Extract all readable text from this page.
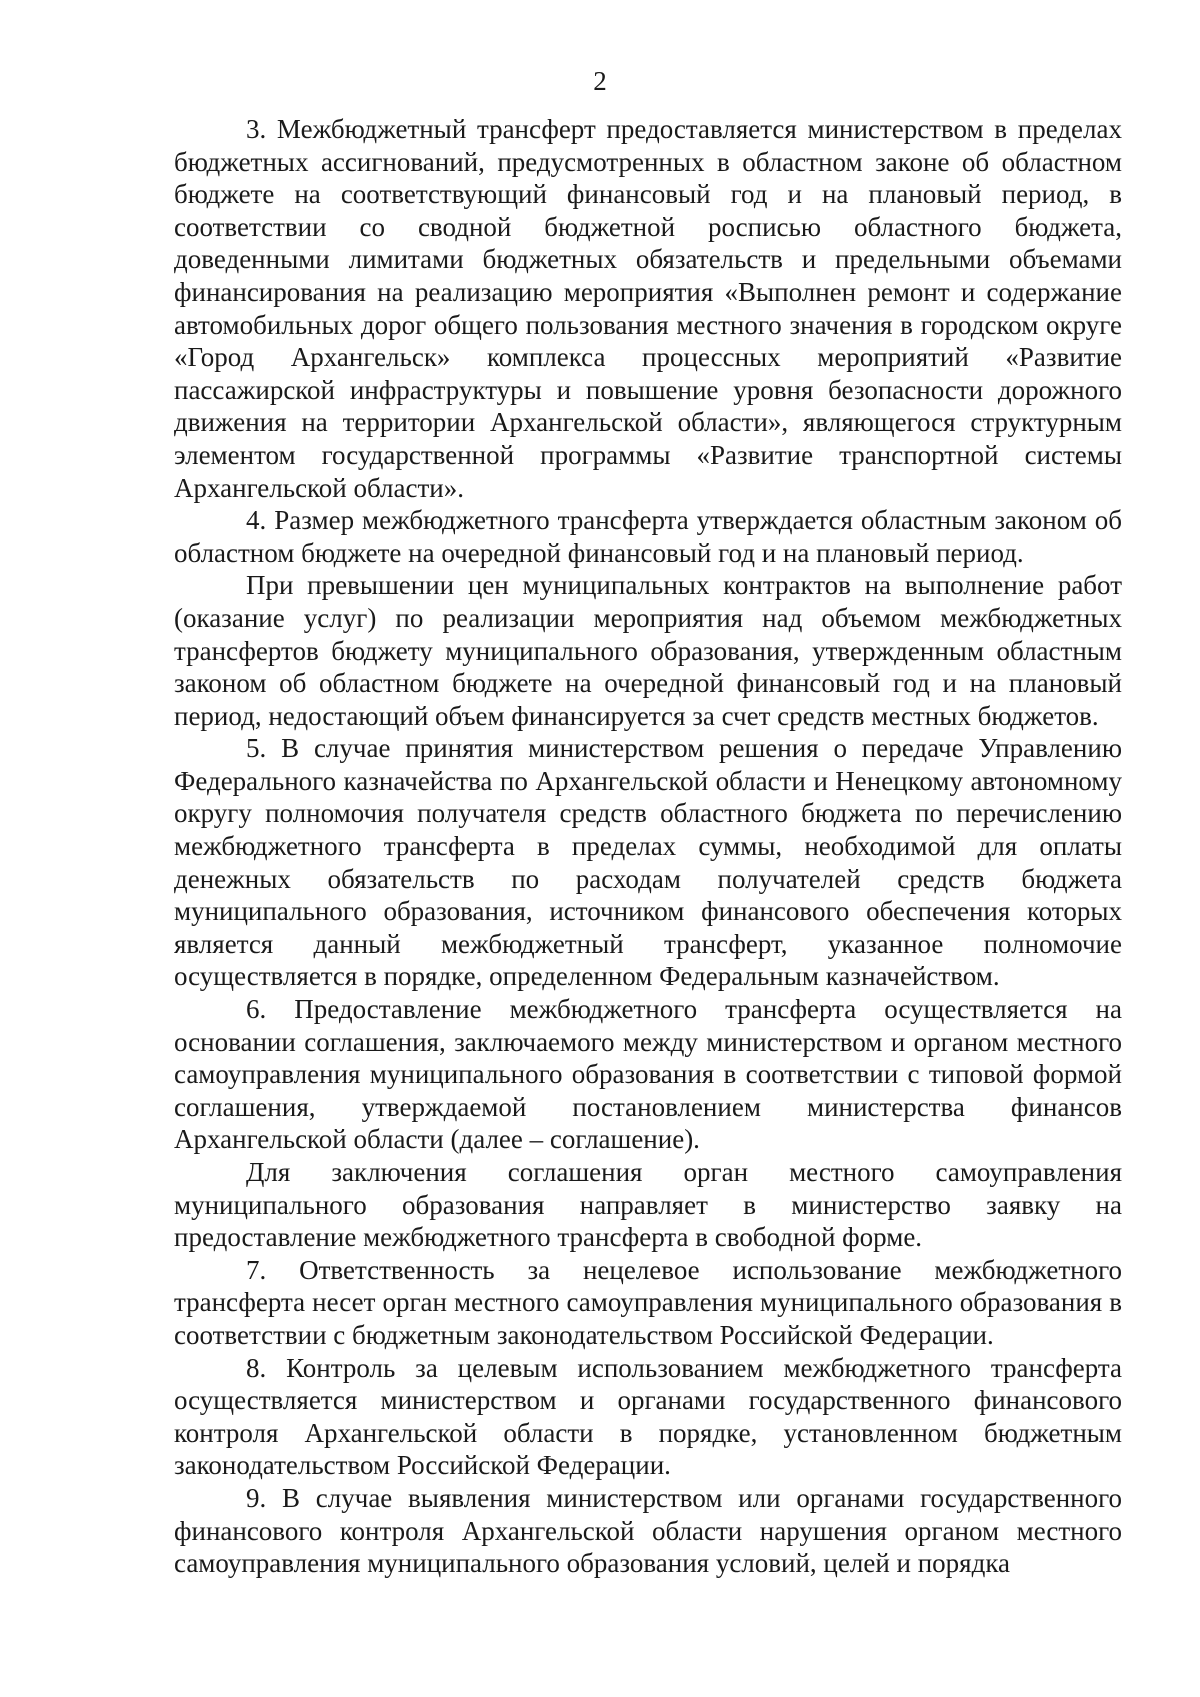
2

3. Межбюджетный трансферт предоставляется министерством в пределах бюджетных ассигнований, предусмотренных в областном законе об областном бюджете на соответствующий финансовый год и на плановый период, в соответствии со сводной бюджетной росписью областного бюджета, доведенными лимитами бюджетных обязательств и предельными объемами финансирования на реализацию мероприятия «Выполнен ремонт и содержание автомобильных дорог общего пользования местного значения в городском округе «Город Архангельск» комплекса процессных мероприятий «Развитие пассажирской инфраструктуры и повышение уровня безопасности дорожного движения на территории Архангельской области», являющегося структурным элементом государственной программы «Развитие транспортной системы Архангельской области».

4. Размер межбюджетного трансферта утверждается областным законом об областном бюджете на очередной финансовый год и на плановый период.

При превышении цен муниципальных контрактов на выполнение работ (оказание услуг) по реализации мероприятия над объемом межбюджетных трансфертов бюджету муниципального образования, утвержденным областным законом об областном бюджете на очередной финансовый год и на плановый период, недостающий объем финансируется за счет средств местных бюджетов.

5. В случае принятия министерством решения о передаче Управлению Федерального казначейства по Архангельской области и Ненецкому автономному округу полномочия получателя средств областного бюджета по перечислению межбюджетного трансферта в пределах суммы, необходимой для оплаты денежных обязательств по расходам получателей средств бюджета муниципального образования, источником финансового обеспечения которых является данный межбюджетный трансферт, указанное полномочие осуществляется в порядке, определенном Федеральным казначейством.

6. Предоставление межбюджетного трансферта осуществляется на основании соглашения, заключаемого между министерством и органом местного самоуправления муниципального образования в соответствии с типовой формой соглашения, утверждаемой постановлением министерства финансов Архангельской области (далее – соглашение).

Для заключения соглашения орган местного самоуправления муниципального образования направляет в министерство заявку на предоставление межбюджетного трансферта в свободной форме.

7. Ответственность за нецелевое использование межбюджетного трансферта несет орган местного самоуправления муниципального образования в соответствии с бюджетным законодательством Российской Федерации.

8. Контроль за целевым использованием межбюджетного трансферта осуществляется министерством и органами государственного финансового контроля Архангельской области в порядке, установленном бюджетным законодательством Российской Федерации.

9. В случае выявления министерством или органами государственного финансового контроля Архангельской области нарушения органом местного самоуправления муниципального образования условий, целей и порядка
